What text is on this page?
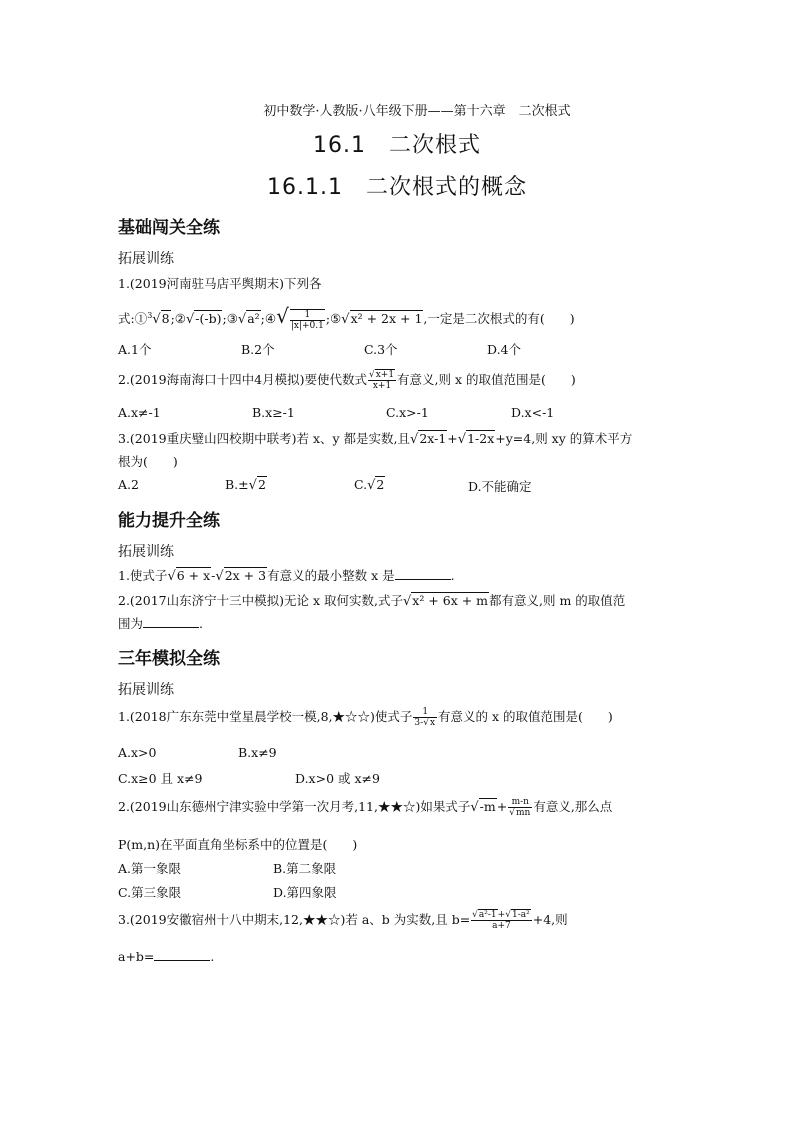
初中数学·人教版·八年级下册——第十六章　二次根式
16.1　二次根式
16.1.1　二次根式的概念
基础闯关全练
拓展训练
1.(2019河南驻马店平舆期末)下列各
式:①$^3$√8;②√-(-b);③√a²;④√ $\frac{1}{|x|+0.1}$ ;⑤√x² + 2x + 1,一定是二次根式的有(　　)
A.1个	B.2个	C.3个	D.4个
2.(2019海南海口十四中4月模拟)要使代数式 $\frac{√x+1}{x+1}$ 有意义,则 x 的取值范围是(　　)
A.x≠-1	B.x≥-1	C.x>-1	D.x<-1
3.(2019重庆璧山四校期中联考)若 x、y 都是实数,且√2x-1+√1-2x+y=4,则 xy 的算术平方
根为(　　)
A.2	B.±√2	C.√2	D.不能确定
能力提升全练
拓展训练
1.使式子√6 + x-√2x + 3有意义的最小整数 x 是	.
2.(2017山东济宁十三中模拟)无论 x 取何实数,式子√x² + 6x + m都有意义,则 m 的取值范
围为	.
三年模拟全练
拓展训练
1.(2018广东东莞中堂星晨学校一模,8,★☆☆)使式子 $\frac{1}{3-√x}$ 有意义的 x 的取值范围是(　　)
A.x>0	B.x≠9
C.x≥0 且 x≠9	D.x>0 或 x≠9
2.(2019山东德州宁津实验中学第一次月考,11,★★☆)如果式子$√-m+ \frac{m-n}{√mn}$ 有意义,那么点
P(m,n)在平面直角坐标系中的位置是(　　)
A.第一象限	B.第二象限
C.第三象限	D.第四象限
3.(2019安徽宿州十八中期末,12,★★☆)若 a、b 为实数,且 $b= \frac{\text{√a²-1+√1-a²}}{a+7} +4$,则
a+b=	.
